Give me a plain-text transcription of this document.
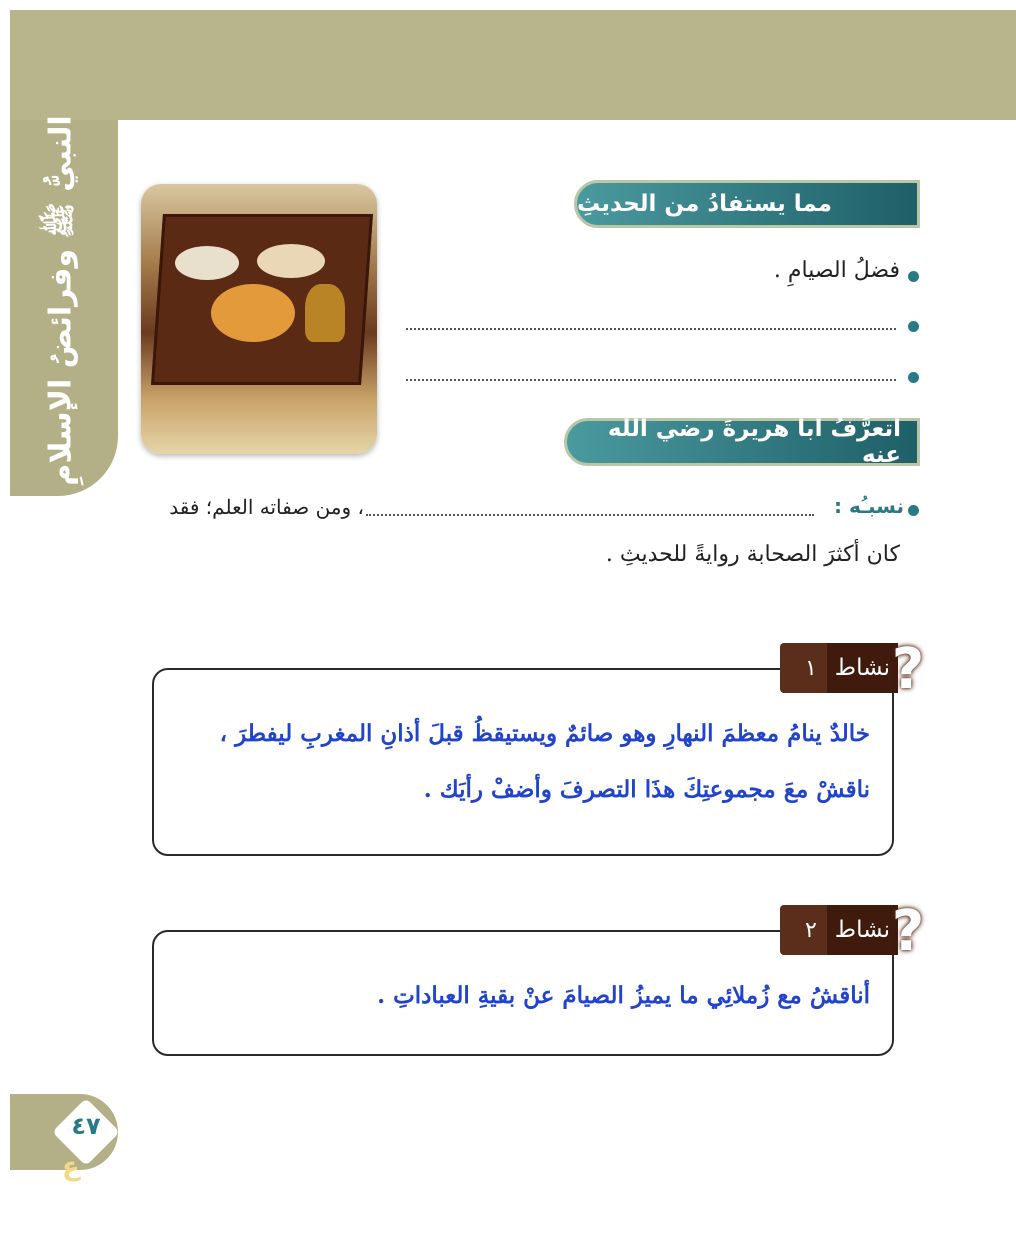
النبيُّ ﷺ وفرائضُ الإسلامِ	مما يستفادُ من الحديثِ
فضلُ الصيامِ .
أتعرَّفُ أبا هريرةَ رضي الله عنه
نسبـُه :
، ومن صفاته العلم؛ فقد
كان أكثرَ الصحابة روايةً للحديثِ .
نشاط
١ ?
خالدٌ ينامُ معظمَ النهارِ وهو صائمٌ ويستيقظُ قبلَ أذانِ المغربِ ليفطرَ ، ناقشْ معَ مجموعتِكَ هذَا التصرفَ وأضفْ رأيَك .
نشاط
٢ ?
أناقشُ مع زُملائِي ما يميزُ الصيامَ عنْ بقيةِ العباداتِ .
٤٧
ع
